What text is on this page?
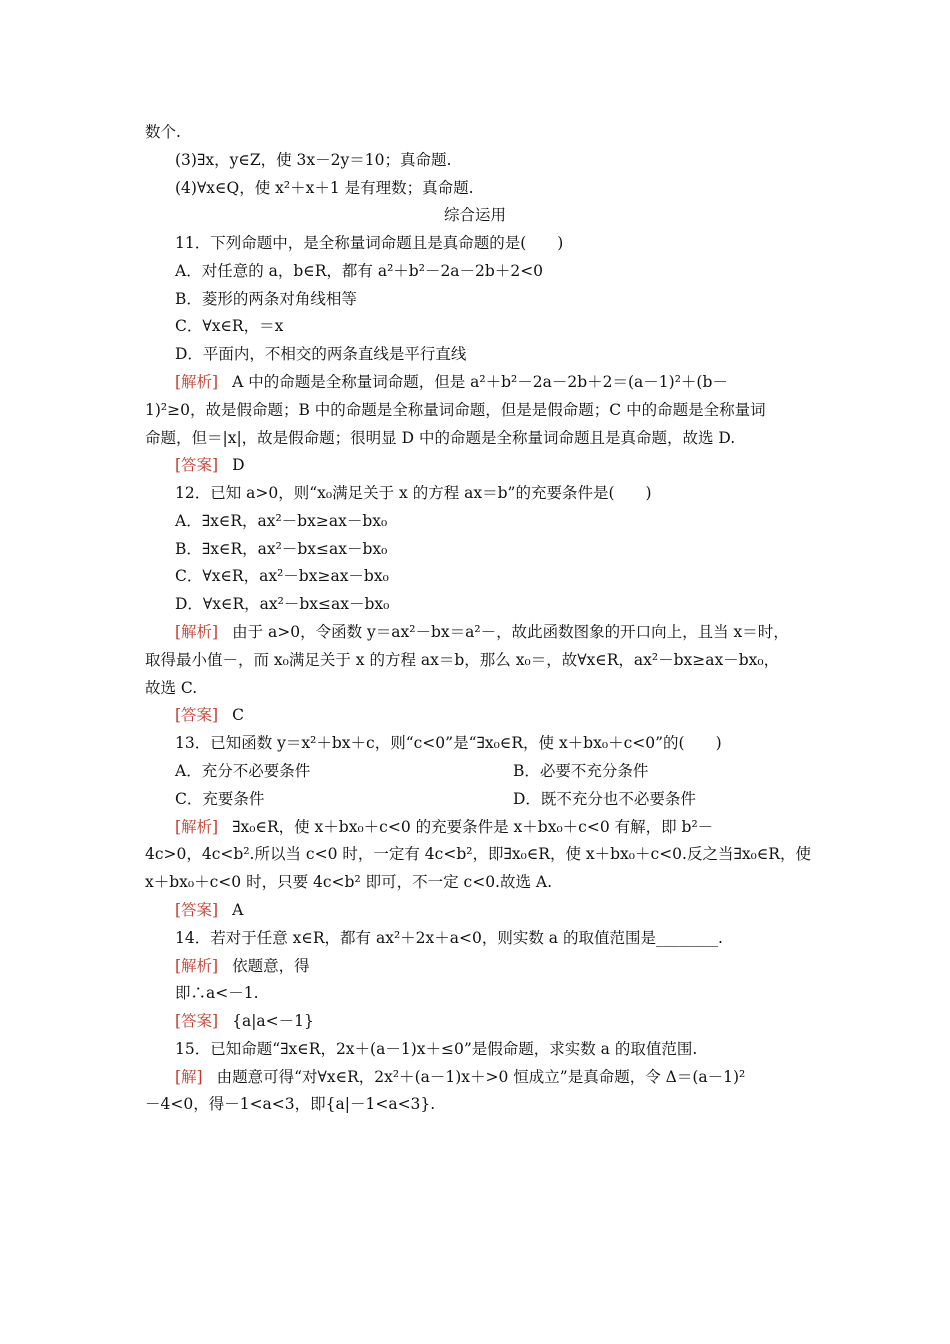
数个.
(3)∃x，y∈Z，使 3x－2y＝10；真命题.
(4)∀x∈Q，使 x²＋x＋1 是有理数；真命题.
综合运用
11．下列命题中，是全称量词命题且是真命题的是(　　)
A．对任意的 a，b∈R，都有 a²＋b²－2a－2b＋2<0
B．菱形的两条对角线相等
C．∀x∈R，＝x
D．平面内，不相交的两条直线是平行直线
[解析] A 中的命题是全称量词命题，但是 a²＋b²－2a－2b＋2＝(a－1)²＋(b－
1)²≥0，故是假命题；B 中的命题是全称量词命题，但是是假命题；C 中的命题是全称量词
命题，但＝|x|，故是假命题；很明显 D 中的命题是全称量词命题且是真命题，故选 D.
[答案] D
12．已知 a>0，则“x₀满足关于 x 的方程 ax＝b”的充要条件是(　　)
A．∃x∈R，ax²－bx≥ax－bx₀
B．∃x∈R，ax²－bx≤ax－bx₀
C．∀x∈R，ax²－bx≥ax－bx₀
D．∀x∈R，ax²－bx≤ax－bx₀
[解析] 由于 a>0，令函数 y＝ax²－bx＝a²－，故此函数图象的开口向上，且当 x＝时，
取得最小值－，而 x₀满足关于 x 的方程 ax＝b，那么 x₀＝，故∀x∈R，ax²－bx≥ax－bx₀，
故选 C.
[答案] C
13．已知函数 y＝x²＋bx＋c，则“c<0”是“∃x₀∈R，使 x＋bx₀＋c<0”的(　　)
A．充分不必要条件	B．必要不充分条件
C．充要条件	D．既不充分也不必要条件
[解析] ∃x₀∈R，使 x＋bx₀＋c<0 的充要条件是 x＋bx₀＋c<0 有解，即 b²－
4c>0，4c<b².所以当 c<0 时，一定有 4c<b²，即∃x₀∈R，使 x＋bx₀＋c<0.反之当∃x₀∈R，使
x＋bx₀＋c<0 时，只要 4c<b² 即可，不一定 c<0.故选 A.
[答案] A
14．若对于任意 x∈R，都有 ax²＋2x＋a<0，则实数 a 的取值范围是________.
[解析] 依题意，得
即∴a<－1.
[答案] {a|a<－1}
15．已知命题“∃x∈R，2x＋(a－1)x＋≤0”是假命题，求实数 a 的取值范围.
[解] 由题意可得“对∀x∈R，2x²＋(a－1)x＋>0 恒成立”是真命题，令 Δ＝(a－1)²
－4<0，得－1<a<3，即{a|－1<a<3}.
